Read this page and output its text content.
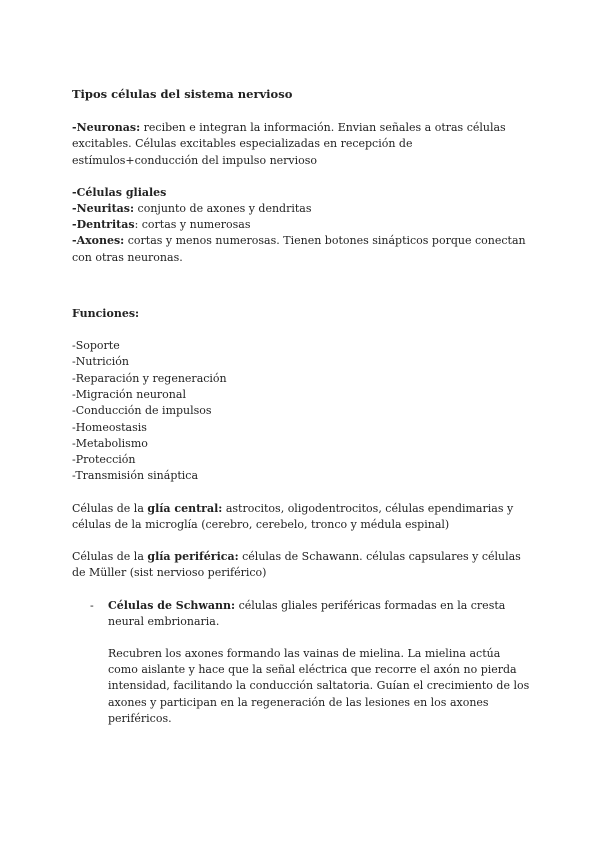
Tipos células del sistema nervioso

-Neuronas: reciben e integran la información. Envian señales a otras células excitables. Células excitables especializadas en recepción de estímulos+conducción del impulso nervioso

-Células gliales

-Neuritas: conjunto de axones y dendritas

-Dentritas: cortas y numerosas

-Axones: cortas y menos numerosas. Tienen botones sinápticos porque conectan con otras neuronas.

Funciones:

-Soporte

-Nutrición

-Reparación y regeneración

-Migración neuronal

-Conducción de impulsos

-Homeostasis

-Metabolismo

-Protección

-Transmisión sináptica

Células de la glía central: astrocitos, oligodentrocitos, células ependimarias y células de la microglía (cerebro, cerebelo, tronco y médula espinal)

Células de la glía periférica: células de Schawann. células capsulares y células de Müller (sist nervioso periférico)

- Células de Schwann: células gliales periféricas formadas en la cresta neural embrionaria.

Recubren los axones formando las vainas de mielina. La mielina actúa como aislante y hace que la señal eléctrica que recorre el axón no pierda intensidad, facilitando la conducción saltatoria. Guían el crecimiento de los axones y participan en la regeneración de las lesiones en los axones periféricos.
